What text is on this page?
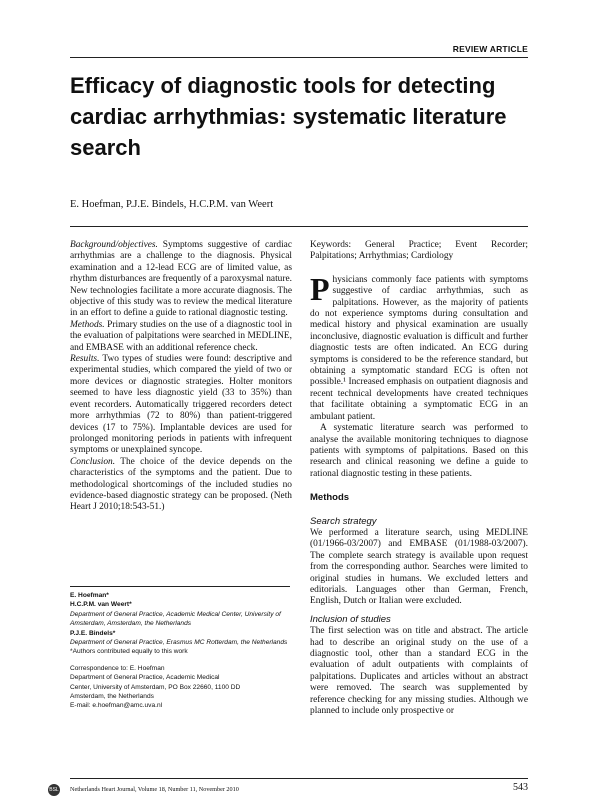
REVIEW ARTICLE
Efficacy of diagnostic tools for detecting cardiac arrhythmias: systematic literature search
E. Hoefman, P.J.E. Bindels, H.C.P.M. van Weert

Background/objectives. Symptoms suggestive of cardiac arrhythmias are a challenge to the diagnosis. Physical examination and a 12-lead ECG are of limited value, as rhythm disturbances are frequently of a paroxysmal nature. New technologies facilitate a more accurate diagnosis. The objective of this study was to review the medical literature in an effort to define a guide to rational diagnostic testing.

Methods. Primary studies on the use of a diagnostic tool in the evaluation of palpitations were searched in MEDLINE, and EMBASE with an additional reference check.

Results. Two types of studies were found: descriptive and experimental studies, which compared the yield of two or more devices or diagnostic strategies. Holter monitors seemed to have less diagnostic yield (33 to 35%) than event recorders. Automatically triggered recorders detect more arrhythmias (72 to 80%) than patient-triggered devices (17 to 75%). Implantable devices are used for prolonged monitoring periods in patients with infrequent symptoms or unexplained syncope.

Conclusion. The choice of the device depends on the characteristics of the symptoms and the patient. Due to methodological shortcomings of the included studies no evidence-based diagnostic strategy can be proposed. (Neth Heart J 2010;18:543-51.)

E. Hoefman*
H.C.P.M. van Weert*
Department of General Practice, Academic Medical Center, University of Amsterdam, Amsterdam, the Netherlands
P.J.E. Bindels*
Department of General Practice, Erasmus MC Rotterdam, the Netherlands
*Authors contributed equally to this work
Correspondence to: E. Hoefman
Department of General Practice, Academic Medical
Center, University of Amsterdam, PO Box 22660, 1100 DD
Amsterdam, the Netherlands
E-mail: e.hoefman@amc.uva.nl

Keywords: General Practice; Event Recorder; Palpitations; Arrhythmias; Cardiology

Physicians commonly face patients with symptoms suggestive of cardiac arrhythmias, such as palpitations. However, as the majority of patients do not experience symptoms during consultation and medical history and physical examination are usually inconclusive, diagnostic evaluation is difficult and further diagnostic tests are often indicated. An ECG during symptoms is considered to be the reference standard, but obtaining a symptomatic standard ECG is often not possible.¹ Increased emphasis on outpatient diagnosis and recent technical developments have created techniques that facilitate obtaining a symptomatic ECG in an ambulant patient.

A systematic literature search was performed to analyse the available monitoring techniques to diagnose patients with symptoms of palpitations. Based on this research and clinical reasoning we define a guide to rational diagnostic testing in these patients.

Methods

Search strategy

We performed a literature search, using MEDLINE (01/1966-03/2007) and EMBASE (01/1988-03/2007). The complete search strategy is available upon request from the corresponding author. Searches were limited to original studies in humans. We excluded letters and editorials. Languages other than German, French, English, Dutch or Italian were excluded.

Inclusion of studies

The first selection was on title and abstract. The article had to describe an original study on the use of a diagnostic tool, other than a standard ECG in the evaluation of adult outpatients with complaints of palpitations. Duplicates and articles without an abstract were removed. The search was supplemented by reference checking for any missing studies. Although we planned to include only prospective or

BSL Netherlands Heart Journal, Volume 18, Number 11, November 2010	543
